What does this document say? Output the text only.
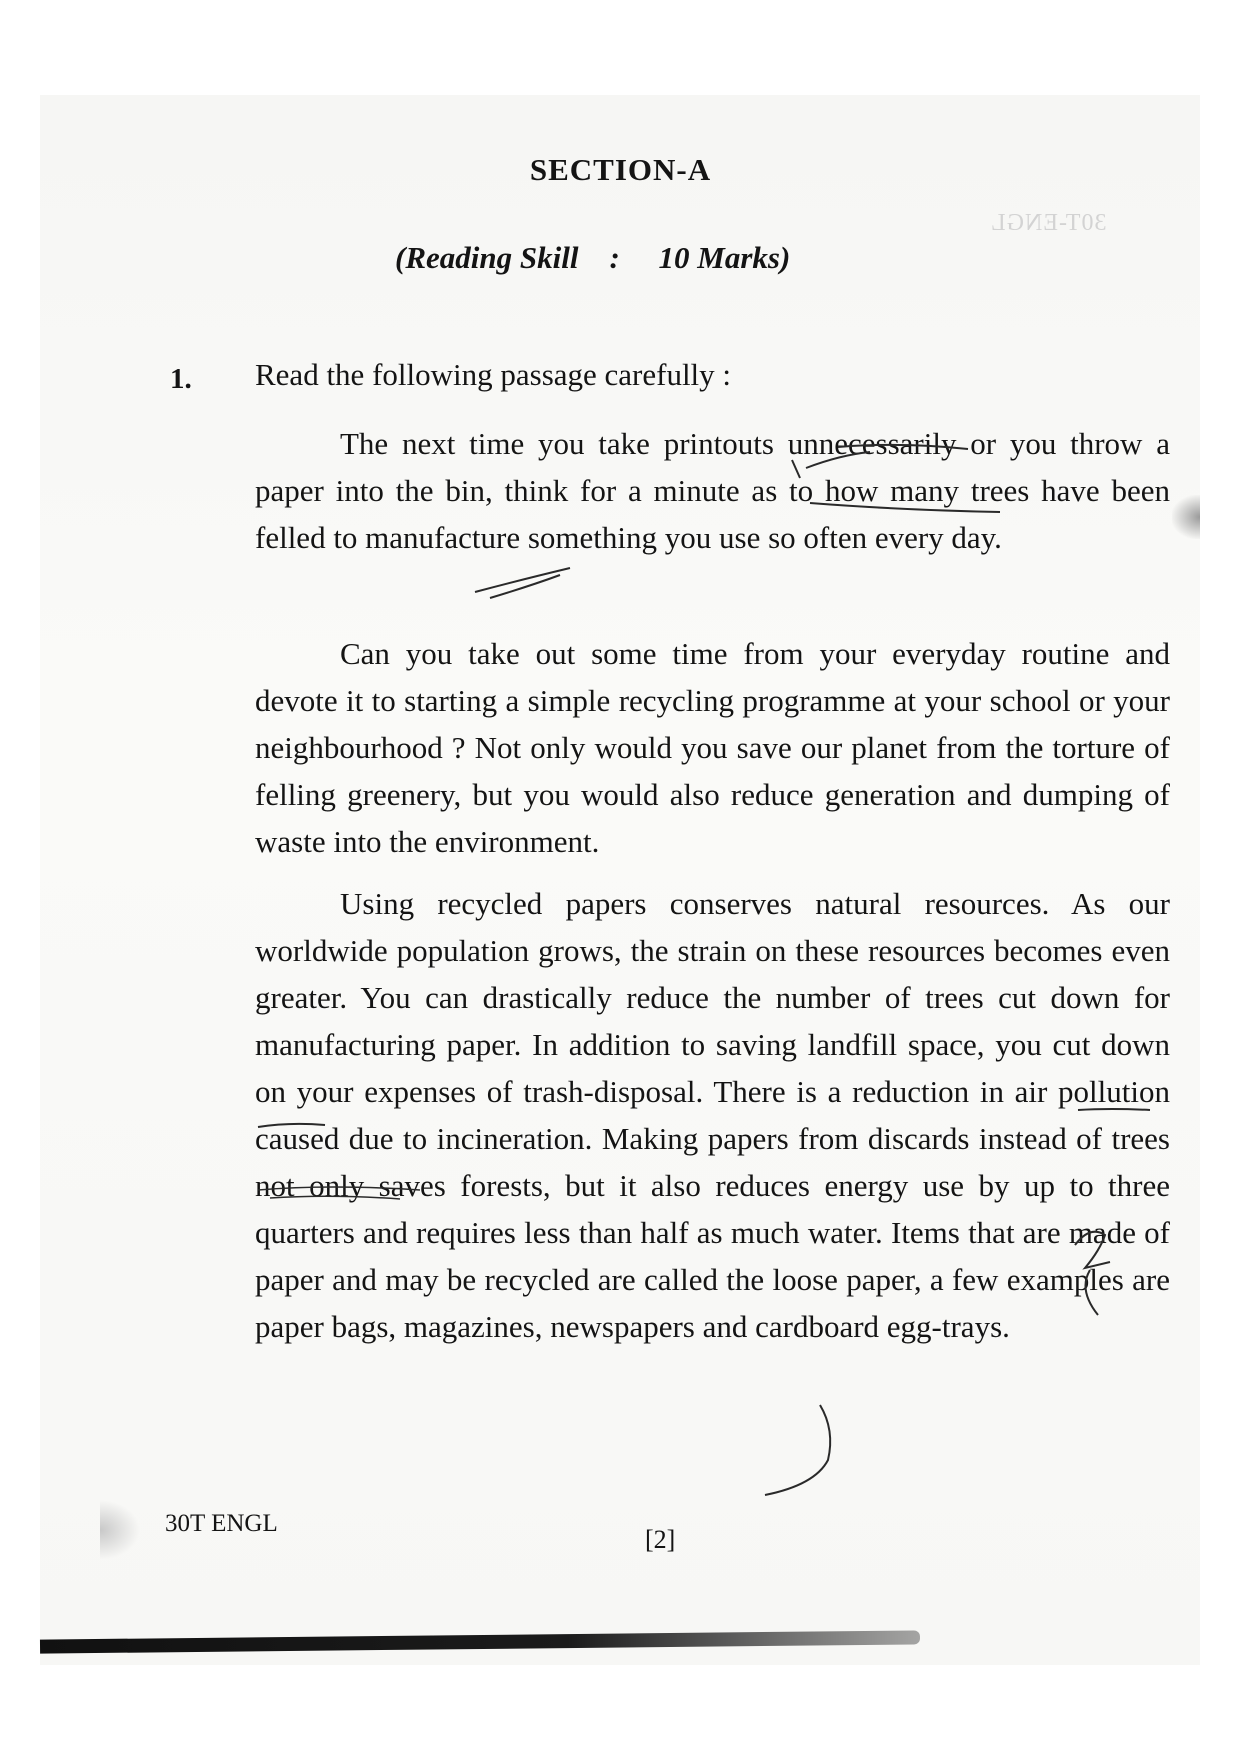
30T-ENGL
SECTION-A
(Reading Skill    :     10 Marks)
1. Read the following passage carefully :

The next time you take printouts unnecessarily or you throw a paper into the bin, think for a minute as to how many trees have been felled to manufacture something you use so often every day.

Can you take out some time from your everyday routine and devote it to starting a simple recycling programme at your school or your neighbourhood ? Not only would you save our planet from the torture of felling greenery, but you would also reduce generation and dumping of waste into the environment.

Using recycled papers conserves natural resources. As our worldwide population grows, the strain on these resources becomes even greater. You can drastically reduce the number of trees cut down for manufacturing paper. In addition to saving landfill space, you cut down on your expenses of trash-disposal. There is a reduction in air pollution caused due to incineration. Making papers from discards instead of trees not only saves forests, but it also reduces energy use by up to three quarters and requires less than half as much water. Items that are made of paper and may be recycled are called the loose paper, a few examples are paper bags, magazines, newspapers and cardboard egg-trays.

30T ENGL
[2]
